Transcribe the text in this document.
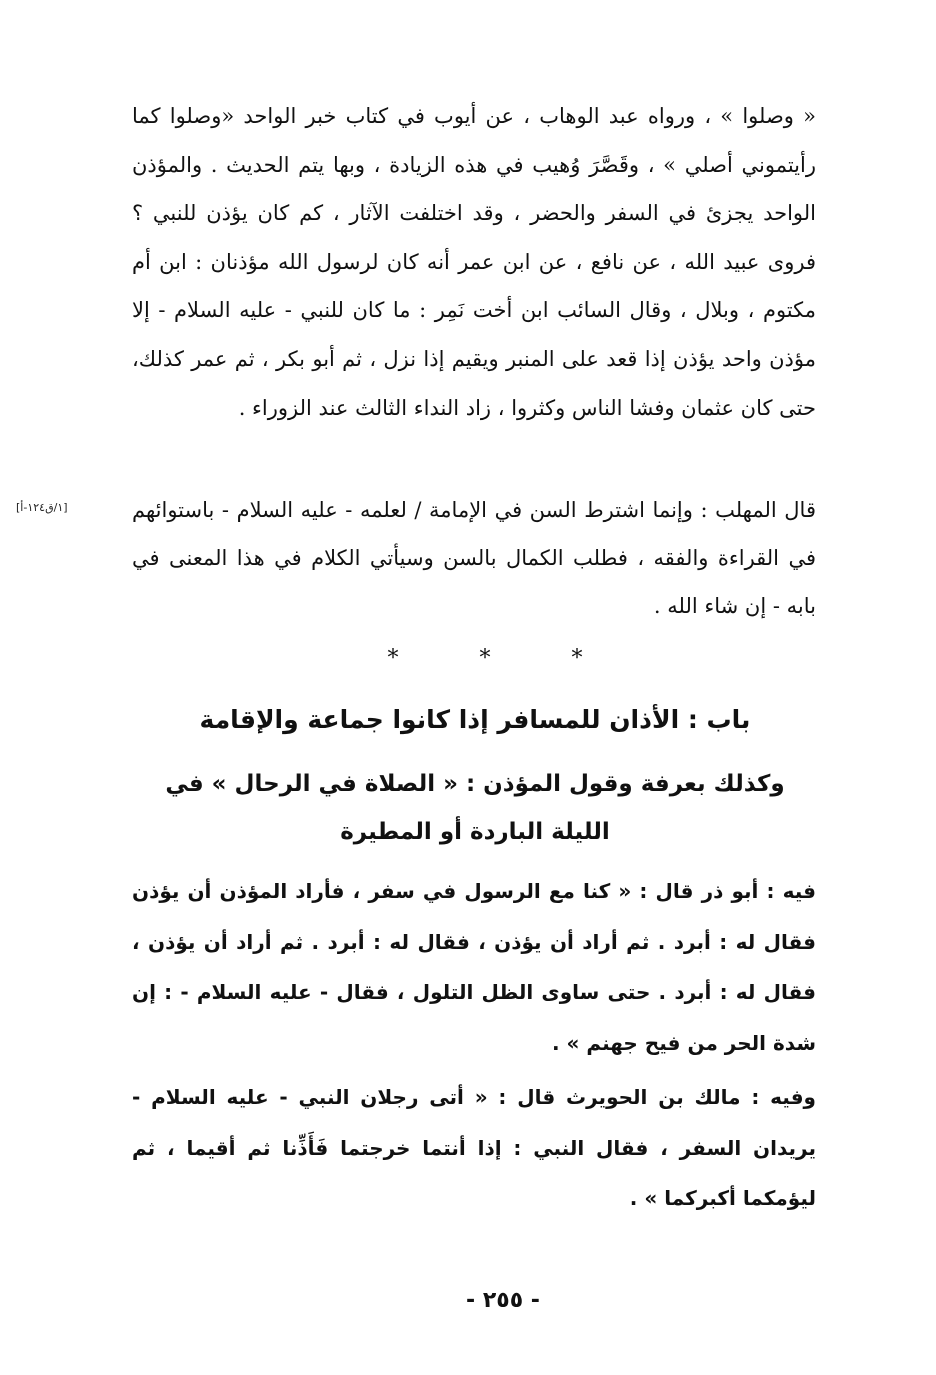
« وصلوا » ، ورواه عبد الوهاب ، عن أيوب في كتاب خبر الواحد «وصلوا كما رأيتموني أصلي » ، وقَصَّرَ وُهيب في هذه الزيادة ، وبها يتم الحديث . والمؤذن الواحد يجزئ في السفر والحضر ، وقد اختلفت الآثار ، كم كان يؤذن للنبي ؟ فروى عبيد الله ، عن نافع ، عن ابن عمر أنه كان لرسول الله مؤذنان : ابن أم مكتوم ، وبلال ، وقال السائب ابن أخت نَمِر : ما كان للنبي - عليه السلام - إلا مؤذن واحد يؤذن إذا قعد على المنبر ويقيم إذا نزل ، ثم أبو بكر ، ثم عمر كذلك، حتى كان عثمان وفشا الناس وكثروا ، زاد النداء الثالث عند الزوراء .

[١/ق١٢٤-أ]	قال المهلب : وإنما اشترط السن في الإمامة / لعلمه - عليه السلام - باستوائهم في القراءة والفقه ، فطلب الكمال بالسن وسيأتي الكلام في هذا المعنى في بابه - إن شاء الله .

*	*	*
باب : الأذان للمسافر إذا كانوا جماعة والإقامة
وكذلك بعرفة وقول المؤذن : « الصلاة في الرحال » في الليلة الباردة أو المطيرة

فيه : أبو ذر قال : « كنا مع الرسول في سفر ، فأراد المؤذن أن يؤذن فقال له : أبرد . ثم أراد أن يؤذن ، فقال له : أبرد . ثم أراد أن يؤذن ، فقال له : أبرد . حتى ساوى الظل التلول ، فقال - عليه السلام - : إن شدة الحر من فيح جهنم » .

وفيه : مالك بن الحويرث قال : « أتى رجلان النبي - عليه السلام - يريدان السفر ، فقال النبي : إذا أنتما خرجتما فَأَذِّنا ثم أقيما ، ثم ليؤمكما أكبركما » .

- ٢٥٥ -
